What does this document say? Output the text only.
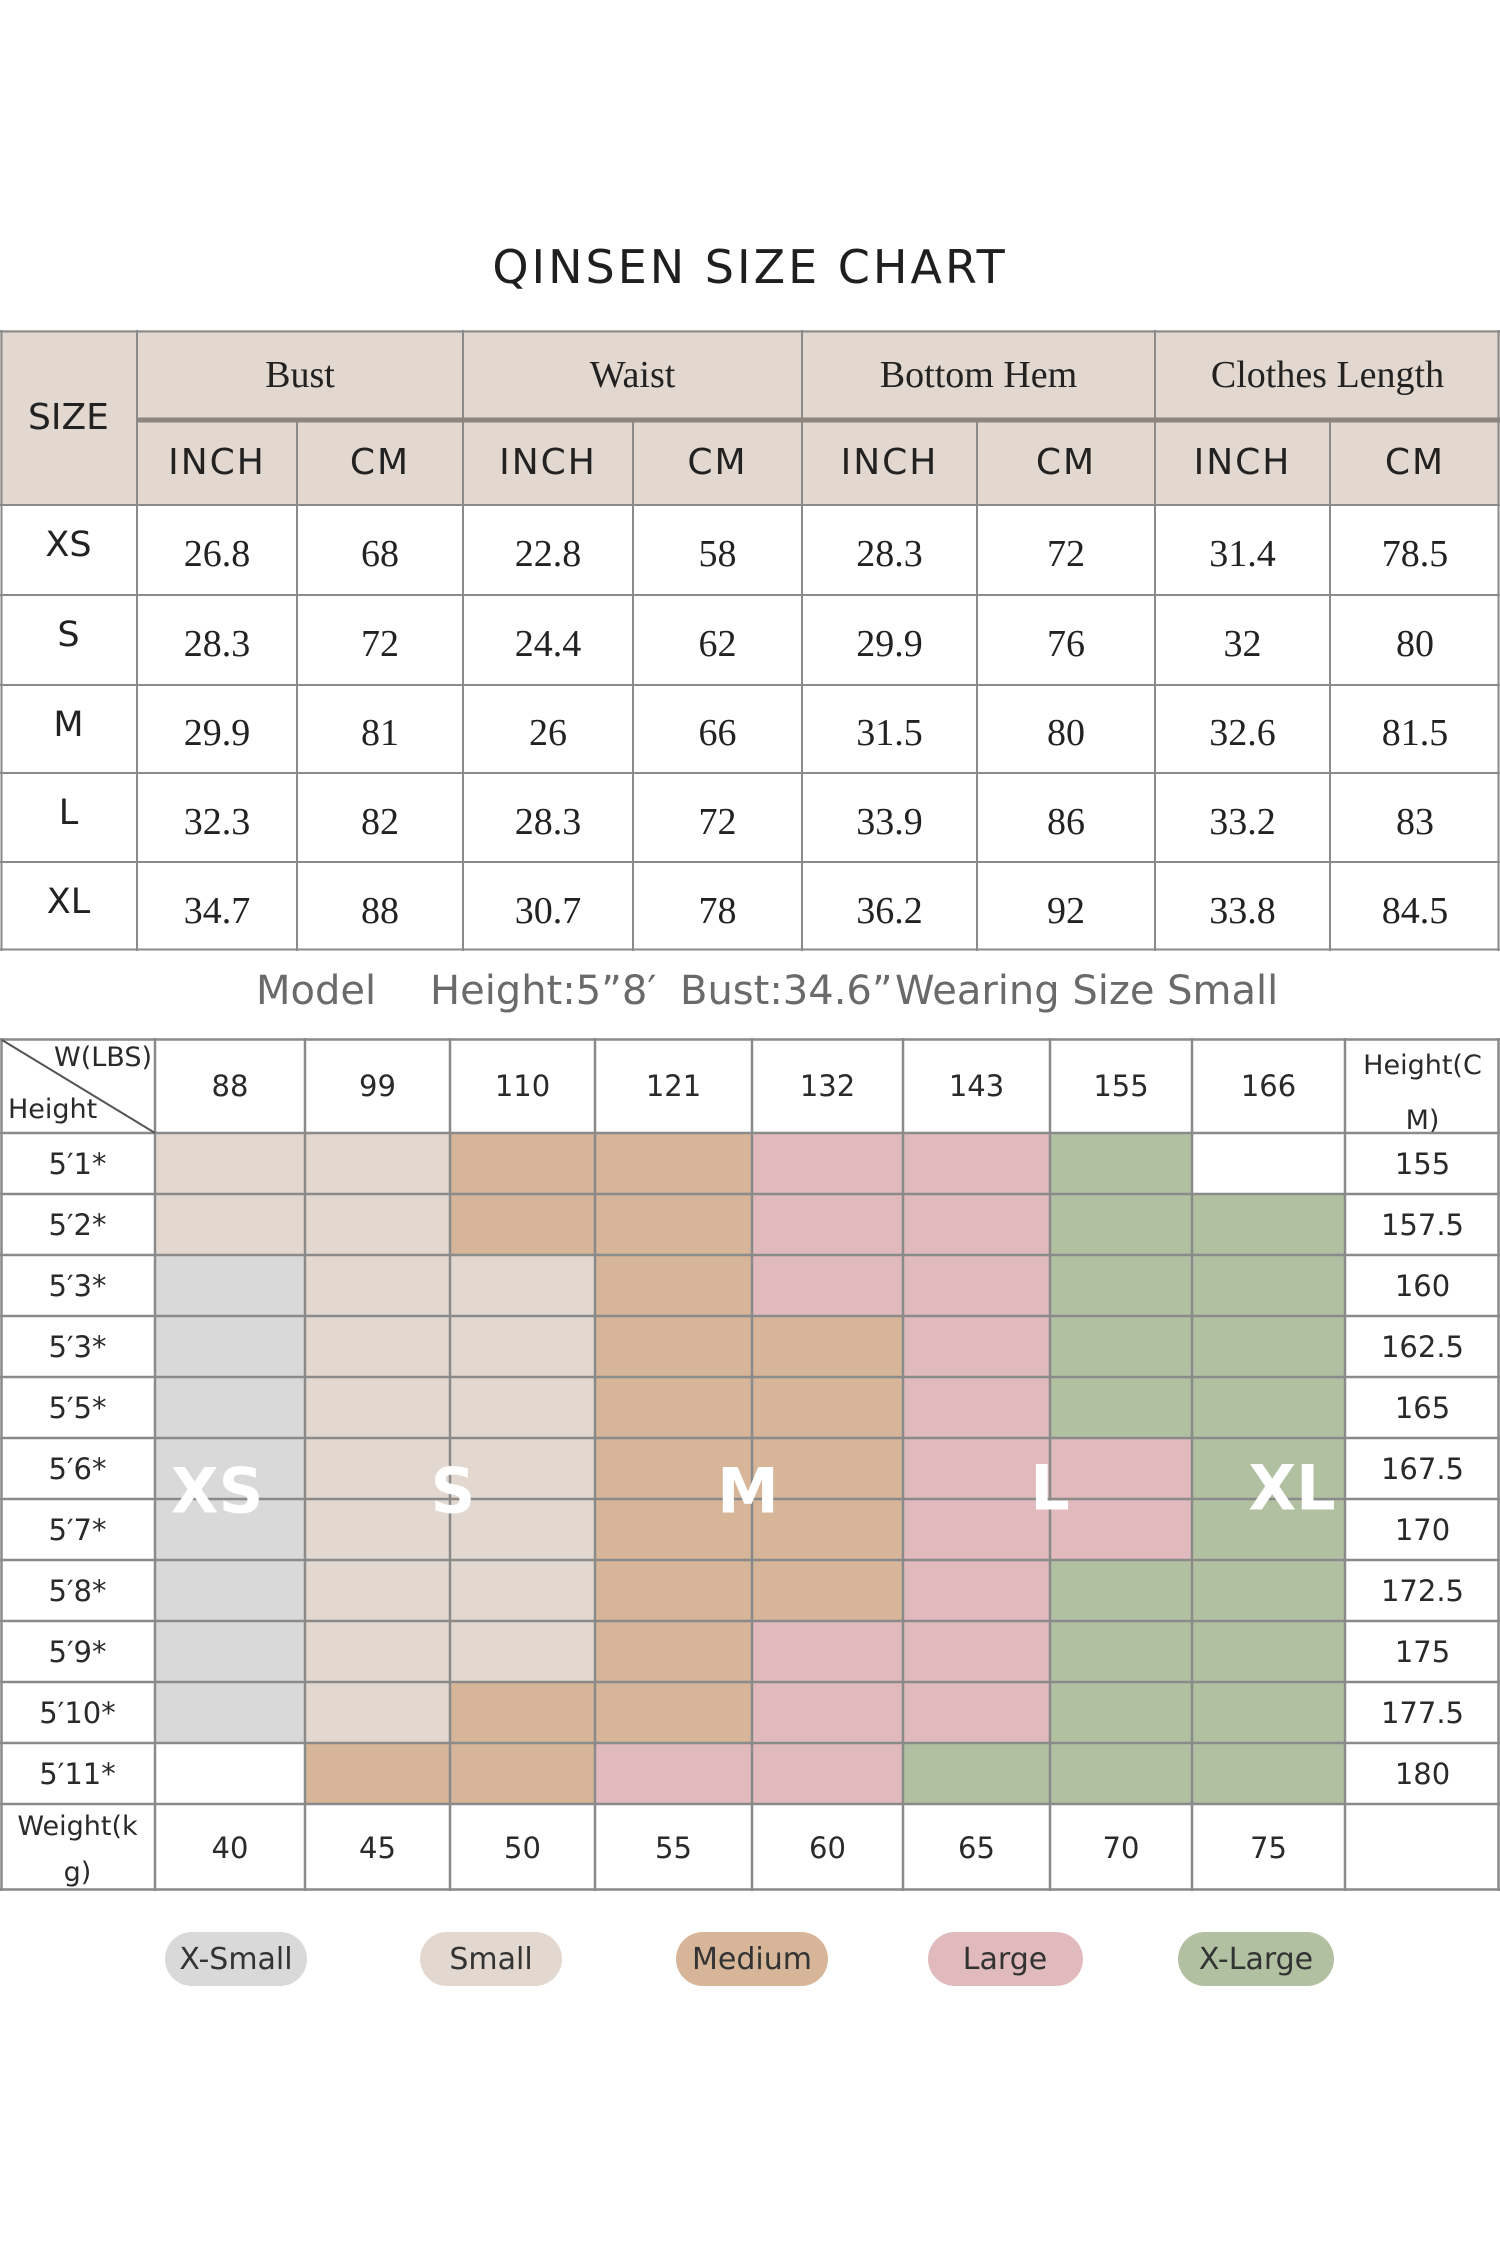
QINSEN SIZE CHART
SIZE
Bust	Waist	Bottom Hem	Clothes Length
INCH	CM	INCH	CM	INCH	CM	INCH	CM
XS	26.8	68	22.8	58	28.3	72	31.4	78.5
S	28.3	72	24.4	62	29.9	76	32	80
M	29.9	81	26	66	31.5	80	32.6	81.5
L	32.3	82	28.3	72	33.9	86	33.2	83
XL	34.7	88	30.7	78	36.2	92	33.8	84.5
Model Height:5”8′ Bust:34.6” Wearing Size Small
W(LBS)
Height
88	99	110	121	132	143	155	166
Height(CM)
5′1*	155
5′2*	157.5
5′3*	160
5′3*	162.5
5′5*	165
5′6*	167.5
5′7*	170
5′8*	172.5
5′9*	175
5′10*	177.5
5′11*	180
Weight(kg)
40	45	50	55	60	65	70	75
XS	S	M	L	XL
X-Small	Small	Medium	Large	X-Large
